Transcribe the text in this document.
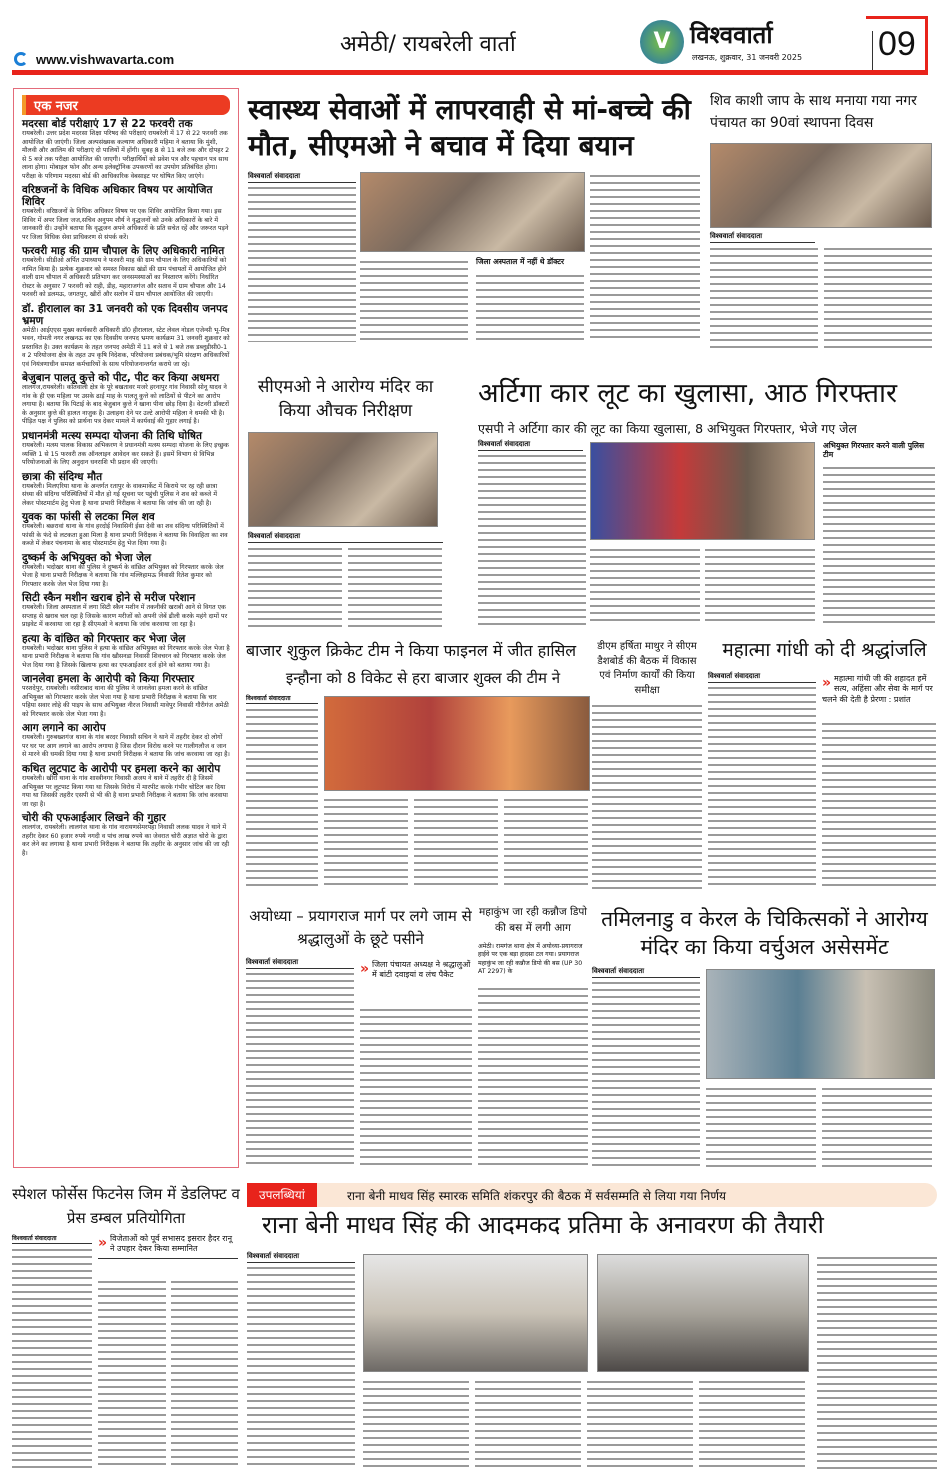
www.vishwavarta.com
अमेठी/ रायबरेली वार्ता	V विश्ववार्ता
लखनऊ, शुक्रवार, 31 जनवरी 2025 09
एक नजर
मदरसा बोर्ड परीक्षाएं 17 से 22 फरवरी तक

रायबरेली। उत्तर प्रदेश मदरसा शिक्षा परिषद की परीक्षाएं रायबरेली में 17 से 22 फरवरी तक आयोजित की जाएंगी। जिला अल्पसंख्यक कल्याण अधिकारी महिमा ने बताया कि मुंशी, मौलवी और आलिम की परीक्षाएं दो पालियों में होंगी। सुबह 8 से 11 बजे तक और दोपहर 2 से 5 बजे तक परीक्षा आयोजित की जाएगी। परीक्षार्थियों को प्रवेश पत्र और पहचान पत्र साथ लाना होगा। मोबाइल फोन और अन्य इलेक्ट्रॉनिक उपकरणों का उपयोग प्रतिबंधित होगा। परीक्षा के परिणाम मदरसा बोर्ड की आधिकारिक वेबसाइट पर घोषित किए जाएंगे।

वरिष्ठजनों के विधिक अधिकार विषय पर आयोजित शिविर

रायबरेली। वरिष्ठजनों के विधिक अधिकार विषय पर एक शिविर आयोजित किया गया। इस शिविर में अपर जिला जज,सचिव अनुपम शौर्य ने वृद्धजनों को उनके अधिकारों के बारे में जानकारी दी। उन्होंने बताया कि वृद्धजन अपने अधिकारों के प्रति सचेत रहें और जरूरत पड़ने पर जिला विधिक सेवा प्राधिकरण से संपर्क करें।

फरवरी माह की ग्राम चौपाल के लिए अधिकारी नामित

रायबरेली। सीडीओ अर्पित उपाध्याय ने फरवरी माह की ग्राम चौपाल के लिए अधिकारियों को नामित किया है। प्रत्येक शुक्रवार को समस्त विकास खंडों की ग्राम पंचायतों में आयोजित होने वाली ग्राम चौपाल में अधिकारी प्रतिभाग कर जनसमस्याओं का निस्तारण करेंगे। निर्धारित रोस्टर के अनुसार 7 फरवरी को राही, डीह, महाराजगंज और सताव में ग्राम चौपाल और 14 फरवरी को डलमऊ, जगतपुर, खीरों और सलोन में ग्राम चौपाल आयोजित की जाएगी।

डॉ. हीरालाल का 31 जनवरी को एक दिवसीय जनपद भ्रमण

अमेठी। आईएएस मुख्य कार्यकारी अधिकारी डॉ0 हीरालाल, स्टेट लेवल नोडल एजेन्सी भू-मित्र भवन, गोमती नगर लखनऊ का एक दिवसीय जनपद भ्रमण कार्यक्रम 31 जनवरी शुक्रवार को प्रस्तावित है। उक्त कार्यक्रम के तहत जनपद अमेठी में 11 बजे से 1 बजे तक डब्लूडीसी0-1 व 2 परियोजना क्षेत्र के तहत उप कृषि निदेशक, परियोजना प्रबंधक/भूमि संरक्षण अधिकारियों एवं नियंत्रणाधीन समस्त कर्मचारियों के साथ परियोजनान्तर्गत कराये जा रहे।

बेजुबान पालतू कुत्ते को पीट, पीट कर किया अधमरा

लालगंज,रायबरेली। कोतवाली क्षेत्र के पूरे बखतावर मजरे हरनापुर गांव निवासी सोनू यादव ने गांव के ही एक महिला पर उसके ढाई माह के पालतू कुत्ते को लाठियों से पीटने का आरोप लगाया है। बताया कि पिटाई के बाद बेजुबान कुत्ते ने खाना पीना छोड़ दिया है। वेटनरी डॉक्टरों के अनुसार कुत्ते की हालत नाजुक है। उलाहना देने पर उल्टे आरोपी महिला ने धमकी भी है। पीड़ित पक्ष ने पुलिस को प्रार्थना पत्र देकर मामले में कार्यवाई की गुहार लगाई है।

प्रधानमंत्री मत्स्य सम्पदा योजना की तिथि घोषित

रायबरेली। मत्स्य पालक विकास अभिकरण ने प्रधानमंत्री मत्स्य सम्पदा योजना के लिए इच्छुक व्यक्ति 1 से 15 फरवरी तक ऑनलाइन आवेदन कर सकते हैं। इसमें विभाग से विभिन्न परियोजनाओं के लिए अनुदान धनराशि भी प्रदान की जाएगी।

छात्रा की संदिग्ध मौत

रायबरेली। मिलएरिया थाना के अन्तर्गत रतापुर के वाकमार्केट में किराये पर रह रही छात्रा संध्या की संदिग्ध परिस्थितियों में मौत हो गई सूचना पर पहुंची पुलिस ने शव को कब्जे में लेकर पोस्टमार्टम हेतु भेजा है थाना प्रभारी निरीक्षक ने बताया कि जांच की जा रही है।

युवक का फांसी से लटका मिल शव

रायबरेली। बछरावां थाना के गांव हरदोई निवासिनी ईसा देवी का शव संदिग्ध परिस्थितियों में फांसी के फंदे से लटकता हुआ मिला है थाना प्रभारी निरीक्षक ने बताया कि विवाहिता का शव कब्जे में लेकर पंचनामा के बाद पोस्टमार्टम हेतु भेज दिया गया है।

दुष्कर्म के अभियुक्त को भेजा जेल

रायबरेली। भदोखर थाना की पुलिस ने दुष्कर्म के वांछित अभियुक्त को गिरफ्तार करके जेल भेजा है थाना प्रभारी निरीक्षक ने बताया कि गांव मल्लिहामऊ निवासी रितेश कुमार को गिरफ्तार करके जेल भेज दिया गया है।

सिटी स्कैन मशीन खराब होने से मरीज परेशान

रायबरेली। जिला अस्पताल में लगा सिटी स्कैन मशीन में तकनीकी खराबी आने से विगत एक सप्ताह से खराब चल रहा है जिसके कारण मरीजों को अपनी जेबें ढीली करके महंगे दामों पर प्राइवेट में करवाया जा रहा है सीएमओ ने बताया कि जांच करवाया जा रहा है।

हत्या के वांछित को गिरफ्तार कर भेजा जेल

रायबरेली। भदोखर थाना पुलिस ने हत्या के वांछित अभियुक्त को गिरफ्तार करके जेल भेजा है थाना प्रभारी निरीक्षक ने बताया कि गांव खौसनडा निवासी शिवचरन को गिरफ्तार करके जेल भेज दिया गया है जिसके खिलाफ हत्या का एफआईआर दर्ज होने को बताया गया है।

जानलेवा हमला के आरोपी को किया गिरफ्तार

परशदेपुर, रायबरेली। नसीराबाद थाना की पुलिस ने जानलेवा हमला करने के वांछित अभियुक्त को गिरफ्तार करके जेल भेजा गया है थाना प्रभारी निरीक्षक ने बताया कि चार पहिया सवार लोहे की पाइप के साथ अभियुक्त नीरज निवासी मावेपुर निवासी गौरीगंज अमेठी को गिरफ्तार करके जेल भेजा गया है।

आग लगाने का आरोप

रायबरेली। गुरुबख्शगंज थाना के गांव बरदर निवासी सचिन ने थाने में तहरीर देकर दो लोगों पर घर पर आग लगाने का आरोप लगाया है जिस दौरान विरोध करने पर गालीगलौज व जान से मारने की धमकी दिया गया है थाना प्रभारी निरीक्षक ने बताया कि जांच करवाया जा रहा है।

कथित लूटपाट के आरोपी पर हमला करने का आरोप

रायबरेली। खीरों थाना के गांव शास्त्रीनगर निवासी अजय ने थाने में तहरीर दी है जिसमें अभियुक्त पर लूटपाट किया गया था जिसके विरोध में मारपीट करके गंभीर चोटिल कर दिया गया था जिसकी तहरीर एसपी से भी की है थाना प्रभारी निरीक्षक ने बताया कि जांच करवाया जा रहा है।

चोरी की एफआईआर लिखने की गुहार

लालगंज, रायबरेली। लालगंज थाना के गांव नारायणसेमरपहा निवासी ललक यादव ने थाने में तहरीर देकर 60 हजार रुपये नगदी व पांच लाख रुपये का जेवरात चोरी अज्ञात चोरो के द्वारा कर लेने का लगाया है थाना प्रभारी निरीक्षक ने बताया कि तहरीर के अनुसार जांच की जा रही है।

स्वास्थ्य सेवाओं में लापरवाही से मां-बच्चे की मौत, सीएमओ ने बचाव में दिया बयान
विश्ववार्ता संवाददाता
जिला अस्पताल में नहीं थे डॉक्टर
शिव काशी जाप के साथ मनाया गया नगर पंचायत का 90वां स्थापना दिवस
विश्ववार्ता संवाददाता
सीएमओ ने आरोग्य मंदिर का किया औचक निरीक्षण
विश्ववार्ता संवाददाता
अर्टिगा कार लूट का खुलासा, आठ गिरफ्तार
एसपी ने अर्टिगा कार की लूट का किया खुलासा, 8 अभियुक्त गिरफ्तार, भेजे गए जेल
विश्ववार्ता संवाददाता	अभियुक्त गिरफ्तार करने वाली पुलिस टीम
बाजार शुकुल क्रिकेट टीम ने किया फाइनल में जीत हासिल
इन्हौना को 8 विकेट से हरा बाजार शुक्ल की टीम ने
विश्ववार्ता संवाददाता
डीएम हर्षिता माथुर ने सीएम डैशबोर्ड की बैठक में विकास एवं निर्माण कार्यों की किया समीक्षा
महात्मा गांधी को दी श्रद्धांजलि
विश्ववार्ता संवाददाता	» महात्मा गांधी जी की शहादत हमें सत्य, अहिंसा और सेवा के मार्ग पर चलने की देती है प्रेरणा : प्रशांत
अयोध्या – प्रयागराज मार्ग पर लगे जाम से श्रद्धालुओं के छूटे पसीने
विश्ववार्ता संवाददाता	» जिला पंचायत अध्यक्ष ने श्रद्धालुओं में बांटी दवाइयां व लंच पैकेट
महाकुंभ जा रही कन्नौज डिपो की बस में लगी आग
अमेठी। रामगंज थाना क्षेत्र में अयोध्या-प्रयागराज हाईवे पर एक बड़ा हादसा टल गया। प्रयागराज महाकुंभ जा रही कन्नौज डिपो की बस (UP 30 AT 2297) के
तमिलनाडु व केरल के चिकित्सकों ने आरोग्य मंदिर का किया वर्चुअल असेसमेंट
विश्ववार्ता संवाददाता
स्पेशल फोर्सेस फिटनेस जिम में डेडलिफ्ट व प्रेस डम्बल प्रतियोगिता
विश्ववार्ता संवाददाता	» विजेताओं को पूर्व सभासद इसरार हैदर रानू ने उपहार देकर किया सम्मानित
उपलब्धियां	राना बेनी माधव सिंह स्मारक समिति शंकरपुर की बैठक में सर्वसम्मति से लिया गया निर्णय
राना बेनी माधव सिंह की आदमकद प्रतिमा के अनावरण की तैयारी
विश्ववार्ता संवाददाता
